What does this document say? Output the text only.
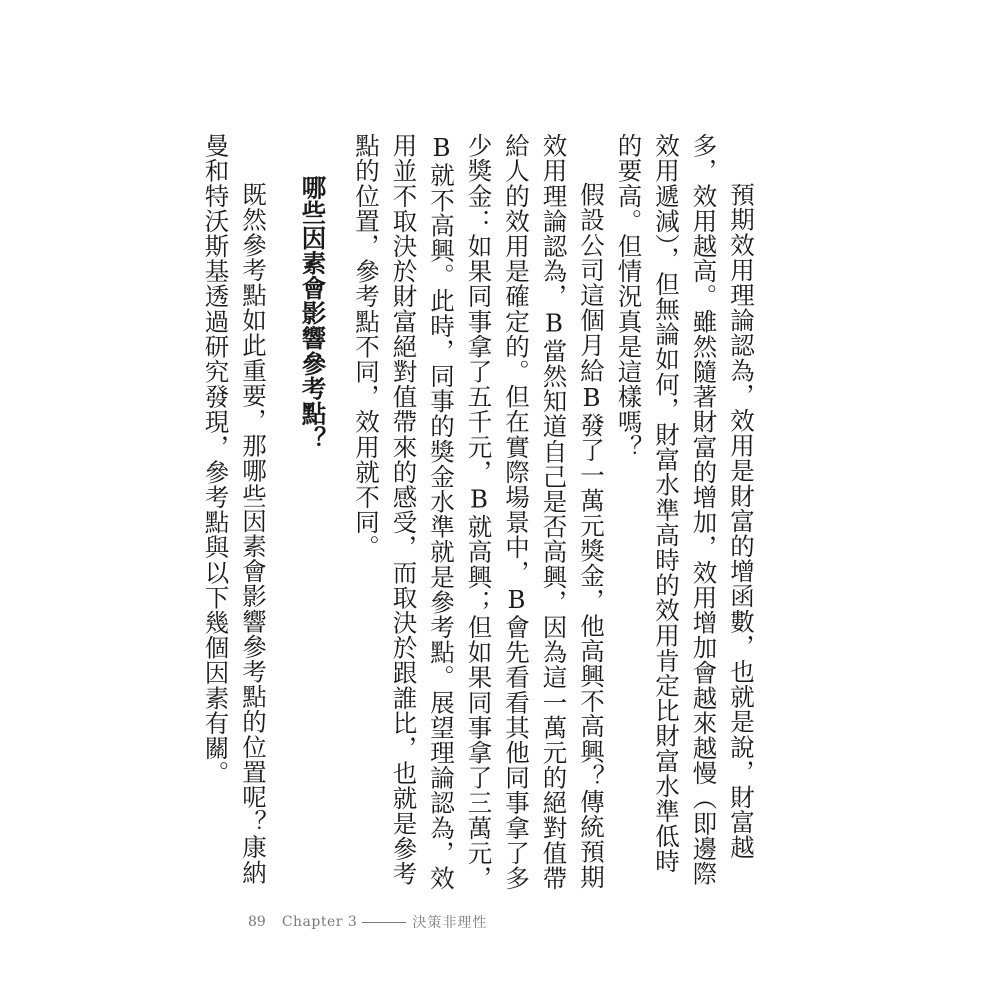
預期效用理論認為，效用是財富的增函數，也就是說，財富越多，效用越高。雖然隨著財富的增加，效用增加會越來越慢（即邊際效用遞減），但無論如何，財富水準高時的效用肯定比財富水準低時的要高。但情況真是這樣嗎？

假設公司這個月給B發了一萬元獎金，他高興不高興？傳統預期效用理論認為，B當然知道自己是否高興，因為這一萬元的絕對值帶給人的效用是確定的。但在實際場景中，B會先看看其他同事拿了多少獎金：如果同事拿了五千元，B就高興；但如果同事拿了三萬元，B就不高興。此時，同事的獎金水準就是參考點。展望理論認為，效用並不取決於財富絕對值帶來的感受，而取決於跟誰比，也就是參考點的位置，參考點不同，效用就不同。

哪些因素會影響參考點？

既然參考點如此重要，那哪些因素會影響參考點的位置呢？康納曼和特沃斯基透過研究發現，參考點與以下幾個因素有關。

89 Chapter 3	決策非理性
